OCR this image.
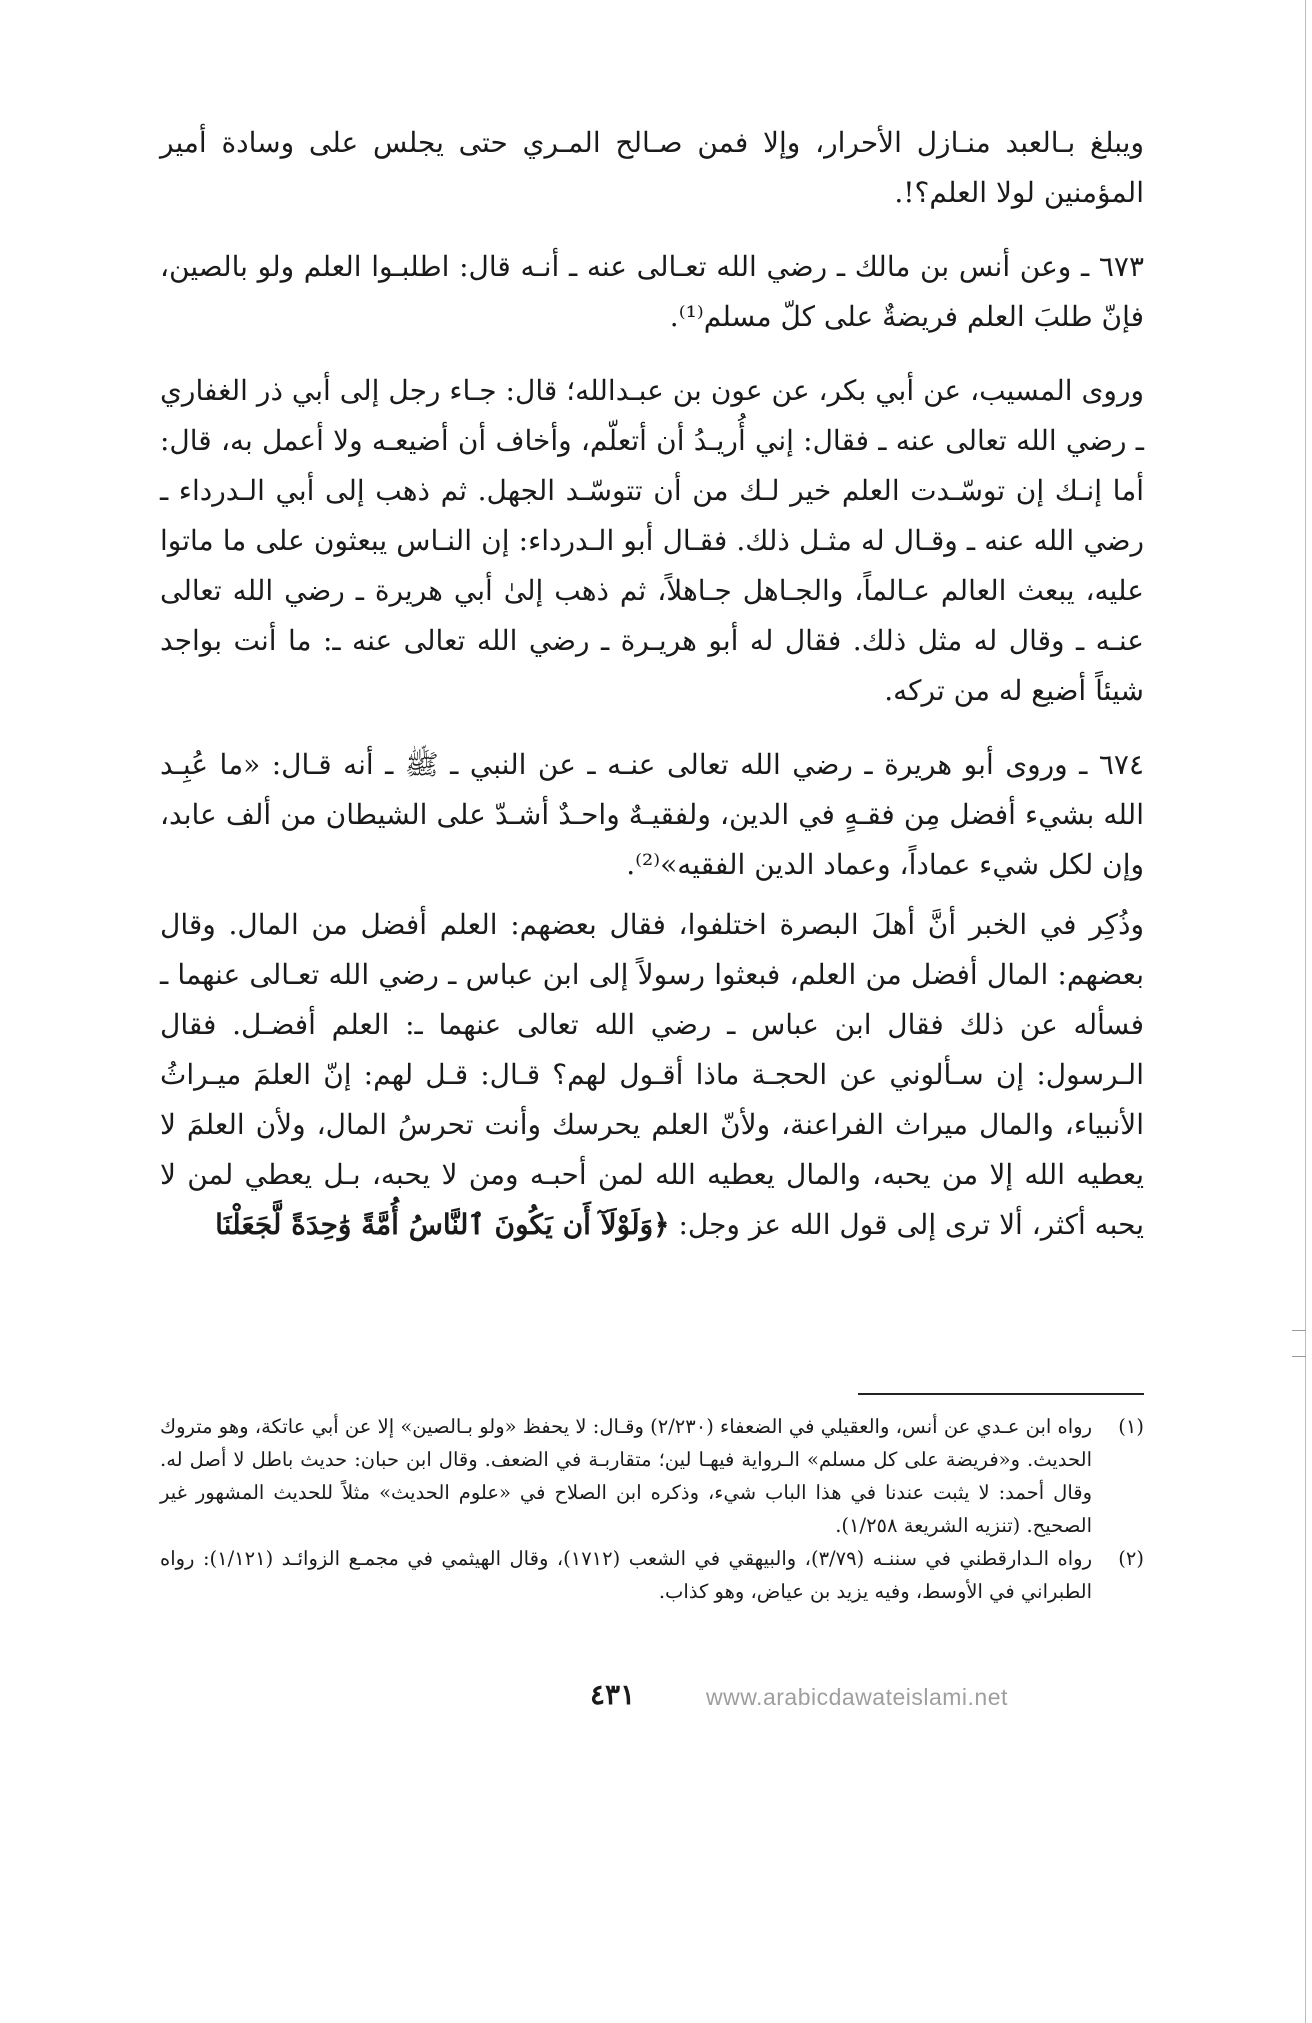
ويبلغ بـالعبد منـازل الأحرار، وإلا فمن صـالح المـري حتى يجلس على وسادة أمير المؤمنين لولا العلم؟!.

٦٧٣ ـ وعن أنس بن مالك ـ رضي الله تعـالى عنه ـ أنـه قال: اطلبـوا العلم ولو بالصين، فإنّ طلبَ العلم فريضةٌ على كلّ مسلم⁽¹⁾.

وروى المسيب، عن أبي بكر، عن عون بن عبـدالله؛ قال: جـاء رجل إلى أبي ذر الغفاري ـ رضي الله تعالى عنه ـ فقال: إني أُريـدُ أن أتعلّم، وأخاف أن أضيعـه ولا أعمل به، قال: أما إنـك إن توسّـدت العلم خير لـك من أن تتوسّـد الجهل. ثم ذهب إلى أبي الـدرداء ـ رضي الله عنه ـ وقـال له مثـل ذلك. فقـال أبو الـدرداء: إن النـاس يبعثون على ما ماتوا عليه، يبعث العالم عـالماً، والجـاهل جـاهلاً، ثم ذهب إلىٰ أبي هريرة ـ رضي الله تعالى عنـه ـ وقال له مثل ذلك. فقال له أبو هريـرة ـ رضي الله تعالى عنه ـ: ما أنت بواجد شيئاً أضيع له من تركه.

٦٧٤ ـ وروى أبو هريرة ـ رضي الله تعالى عنـه ـ عن النبي ـ ﷺ ـ أنه قـال: «ما عُبِـد الله بشيء أفضل مِن فقـهٍ في الدين، ولفقيـهٌ واحـدٌ أشـدّ على الشيطان من ألف عابد، وإن لكل شيء عماداً، وعماد الدين الفقيه»⁽²⁾.

وذُكِر في الخبر أنَّ أهلَ البصرة اختلفوا، فقال بعضهم: العلم أفضل من المال. وقال بعضهم: المال أفضل من العلم، فبعثوا رسولاً إلى ابن عباس ـ رضي الله تعـالى عنهما ـ فسأله عن ذلك فقال ابن عباس ـ رضي الله تعالى عنهما ـ: العلم أفضـل. فقال الـرسول: إن سـألوني عن الحجـة ماذا أقـول لهم؟ قـال: قـل لهم: إنّ العلمَ ميـراثُ الأنبياء، والمال ميراث الفراعنة، ولأنّ العلم يحرسك وأنت تحرسُ المال، ولأن العلمَ لا يعطيه الله إلا من يحبه، والمال يعطيه الله لمن أحبـه ومن لا يحبه، بـل يعطي لمن لا يحبه أكثر، ألا ترى إلى قول الله عز وجل: ﴿وَلَوْلَآ أَن يَكُونَ ٱلنَّاسُ أُمَّةً وَٰحِدَةً لَّجَعَلْنَا

(١)
رواه ابن عـدي عن أنس، والعقيلي في الضعفاء (٢/٢٣٠) وقـال: لا يحفظ «ولو بـالصين» إلا عن أبي عاتكة، وهو متروك الحديث. و«فريضة على كل مسلم» الـرواية فيهـا لين؛ متقاربـة في الضعف. وقال ابن حبان: حديث باطل لا أصل له. وقال أحمد: لا يثبت عندنا في هذا الباب شيء، وذكره ابن الصلاح في «علوم الحديث» مثلاً للحديث المشهور غير الصحيح. (تنزيه الشريعة ١/٢٥٨).
(٢)
رواه الـدارقطني في سننـه (٣/٧٩)، والبيهقي في الشعب (١٧١٢)، وقال الهيثمي في مجمـع الزوائـد (١/١٢١): رواه الطبراني في الأوسط، وفيه يزيد بن عياض، وهو كذاب.
٤٣١	www.arabicdawateislami.net
